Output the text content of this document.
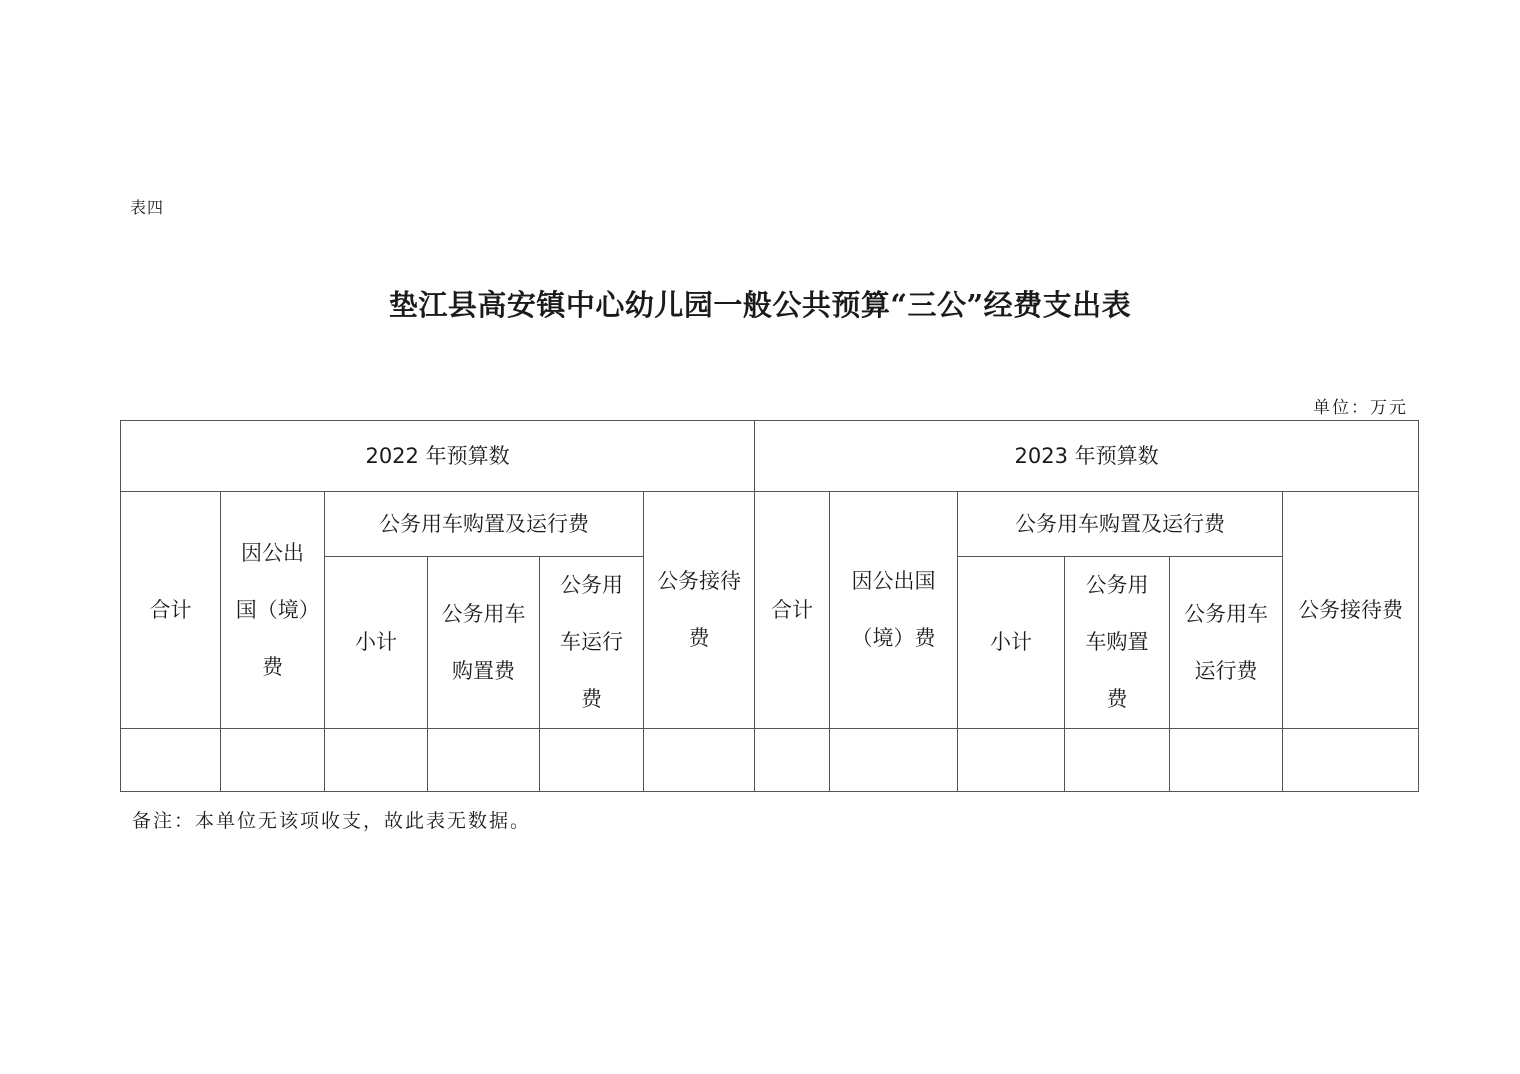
表四
垫江县高安镇中心幼儿园一般公共预算“三公”经费支出表
单位：万元
2022 年预算数						2023 年预算数					
合计	因公出国（境）费	公务用车购置及运行费			公务接待费	合计	因公出国（境）费	公务用车购置及运行费			公务接待费
		小计	公务用车购置费	公务用车运行费				小计	公务用车购置费	公务用车运行费	

备注：本单位无该项收支，故此表无数据。
